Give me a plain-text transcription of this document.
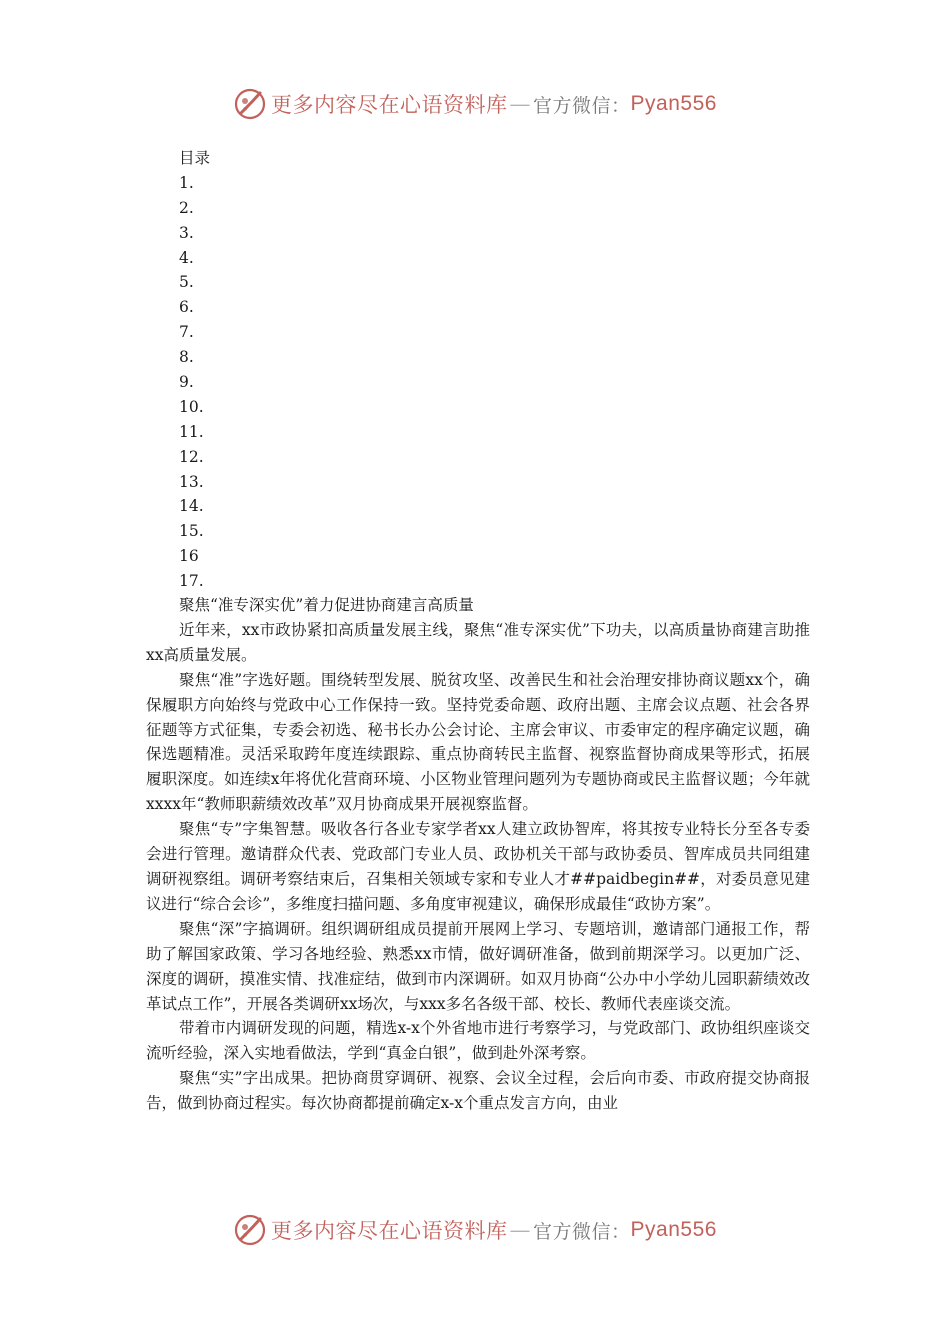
更多内容尽在心语资料库 — 官方微信： Pyan556
目录
1.
2.
3.
4.
5.
6.
7.
8.
9.
10.
11.
12.
13.
14.
15.
16
17.

聚焦“准专深实优”着力促进协商建言高质量

近年来，xx市政协紧扣高质量发展主线，聚焦“准专深实优”下功夫，以高质量协商建言助推xx高质量发展。

聚焦“准”字选好题。围绕转型发展、脱贫攻坚、改善民生和社会治理安排协商议题xx个，确保履职方向始终与党政中心工作保持一致。坚持党委命题、政府出题、主席会议点题、社会各界征题等方式征集，专委会初选、秘书长办公会讨论、主席会审议、市委审定的程序确定议题，确保选题精准。灵活采取跨年度连续跟踪、重点协商转民主监督、视察监督协商成果等形式，拓展履职深度。如连续x年将优化营商环境、小区物业管理问题列为专题协商或民主监督议题；今年就xxxx年“教师职薪绩效改革”双月协商成果开展视察监督。

聚焦“专”字集智慧。吸收各行各业专家学者xx人建立政协智库，将其按专业特长分至各专委会进行管理。邀请群众代表、党政部门专业人员、政协机关干部与政协委员、智库成员共同组建调研视察组。调研考察结束后，召集相关领域专家和专业人才##paidbegin##，对委员意见建议进行“综合会诊”，多维度扫描问题、多角度审视建议，确保形成最佳“政协方案”。

聚焦“深”字搞调研。组织调研组成员提前开展网上学习、专题培训，邀请部门通报工作，帮助了解国家政策、学习各地经验、熟悉xx市情，做好调研准备，做到前期深学习。以更加广泛、深度的调研，摸准实情、找准症结，做到市内深调研。如双月协商“公办中小学幼儿园职薪绩效改革试点工作”，开展各类调研xx场次，与xxx多名各级干部、校长、教师代表座谈交流。

带着市内调研发现的问题，精选x-x个外省地市进行考察学习，与党政部门、政协组织座谈交流听经验，深入实地看做法，学到“真金白银”，做到赴外深考察。

聚焦“实”字出成果。把协商贯穿调研、视察、会议全过程，会后向市委、市政府提交协商报告，做到协商过程实。每次协商都提前确定x-x个重点发言方向，由业

更多内容尽在心语资料库 — 官方微信： Pyan556
